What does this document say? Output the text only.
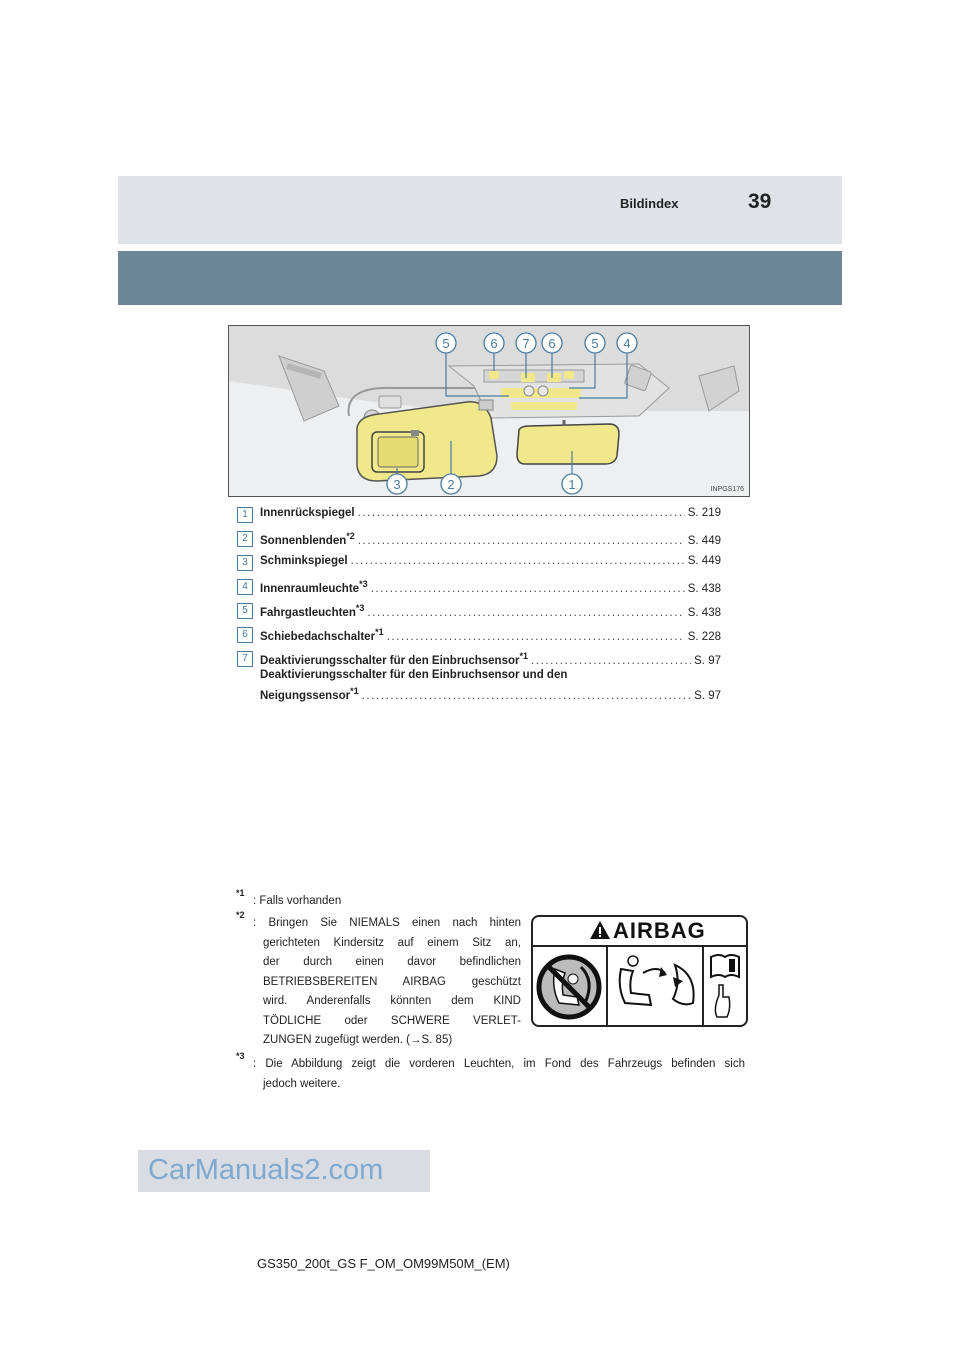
Bildindex	39
5	6 7 6	5 4
3	2	1	INPGS176
1	Innenrückspiegel .....	S. 219
2	Sonnenblenden$^{*2}$ .....	S. 449
3	Schminkspiegel .....	S. 449
4	Innenraumleuchte$^{*3}$ .....	S. 438
5	Fahrgastleuchten$^{*3}$ .....	S. 438
6	Schiebedachschalter$^{*1}$ .....	S. 228
7	Deaktivierungsschalter für den Einbruchsensor$^{*1}$ .....	S. 97
Deaktivierungsschalter für den Einbruchsensor und den
Neigungssensor$^{*1}$ .....	S. 97
*1
: Falls vorhanden
*2
: Bringen Sie NIEMALS einen nach hinten
gerichteten Kindersitz auf einem Sitz an,
der durch einen davor befindlichen
BETRIEBSBEREITEN AIRBAG geschützt
wird. Anderenfalls könnten dem KIND
TÖDLICHE oder SCHWERE VERLET-
ZUNGEN zugefügt werden. (→S. 85)
*3
: Die Abbildung zeigt die vorderen Leuchten, im Fond des Fahrzeugs befinden sich
jedoch weitere.
AIRBAG
CarManuals2.com
GS350_200t_GS F_OM_OM99M50M_(EM)
